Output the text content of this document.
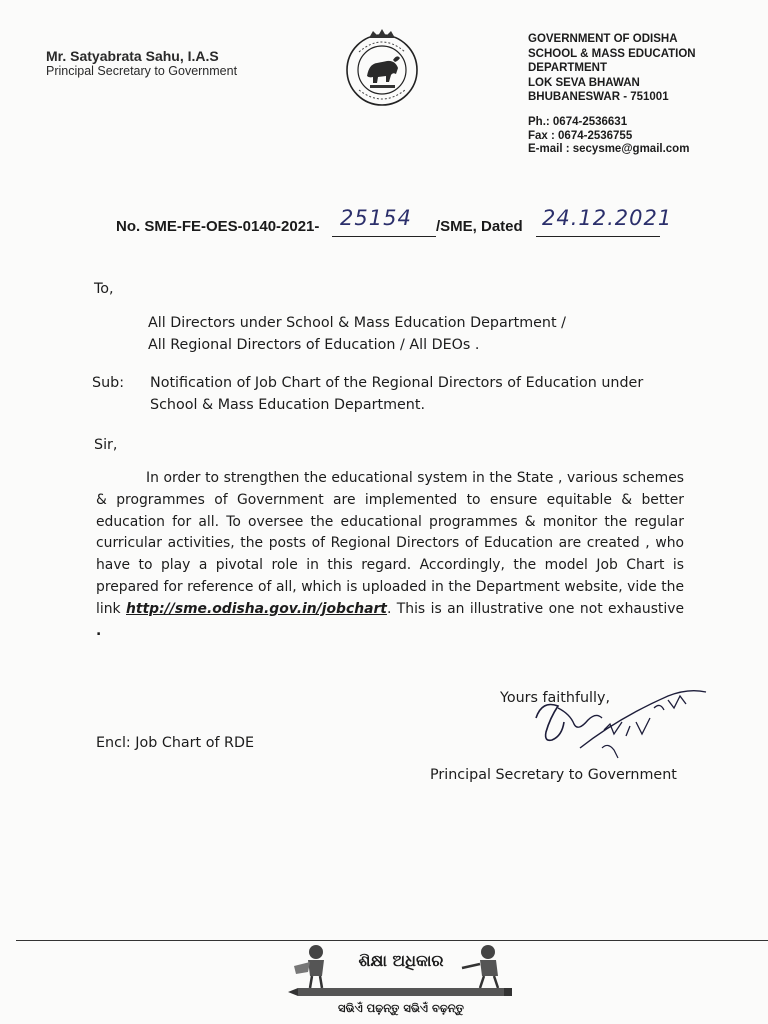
Mr. Satyabrata Sahu, I.A.S
Principal Secretary to Government
GOVERNMENT OF ODISHA
SCHOOL & MASS EDUCATION
DEPARTMENT
LOK SEVA BHAWAN
BHUBANESWAR - 751001
Ph.: 0674-2536631
Fax : 0674-2536755
E-mail : secysme@gmail.com
No. SME-FE-OES-0140-2021- 25154 /SME, Dated 24.12.2021
To,
All Directors under School & Mass Education Department /
All Regional Directors of Education / All DEOs .
Sub: Notification of Job Chart of the Regional Directors of Education under
School & Mass Education Department.
Sir,
In order to strengthen the educational system in the State , various schemes & programmes of Government are implemented to ensure equitable & better education for all. To oversee the educational programmes & monitor the regular curricular activities, the posts of Regional Directors of Education are created , who have to play a pivotal role in this regard. Accordingly, the model Job Chart is prepared for reference of all, which is uploaded in the Department website, vide the link http://sme.odisha.gov.in/jobchart. This is an illustrative one not exhaustive .
Yours faithfully,
Encl: Job Chart of RDE
Principal Secretary to Government
ଶିକ୍ଷା ଅଧିକାର
ସଭିଏଁ ପଢ଼ନ୍ତୁ ସଭିଏଁ ବଢ଼ନ୍ତୁ
